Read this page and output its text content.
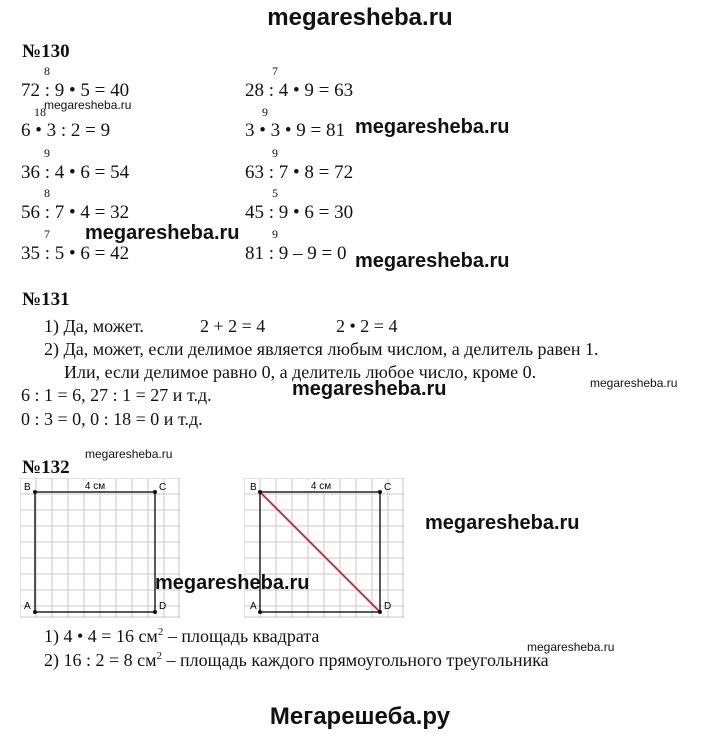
megaresheba.ru
№130
8
72 : 9 • 5 = 40
18
6 • 3 : 2 = 9
9
36 : 4 • 6 = 54
8
56 : 7 • 4 = 32
7
35 : 5 • 6 = 42
7
28 : 4 • 9 = 63
9
3 • 3 • 9 = 81
9
63 : 7 • 8 = 72
5
45 : 9 • 6 = 30
9
81 : 9 – 9 = 0
№131
1) Да, может.	2 + 2 = 4	2 • 2 = 4
2) Да, может, если делимое является любым числом, а делитель равен 1.
Или, если делимое равно 0, а делитель любое число, кроме 0.
6 : 1 = 6, 27 : 1 = 27 и т.д.
0 : 3 = 0, 0 : 18 = 0 и т.д.
№132
4 см
B	C
A	D
4 см
B	C
A	D
1) 4 • 4 = 16 $см^2$ – площадь квадрата
2) 16 : 2 = 8 $см^2$ – площадь каждого прямоугольного треугольника
megaresheba.ru
megaresheba.ru
megaresheba.ru
megaresheba.ru
megaresheba.ru
megaresheba.ru
megaresheba.ru
megaresheba.ru
megaresheba.ru
megaresheba.ru
Мегарешеба.ру
